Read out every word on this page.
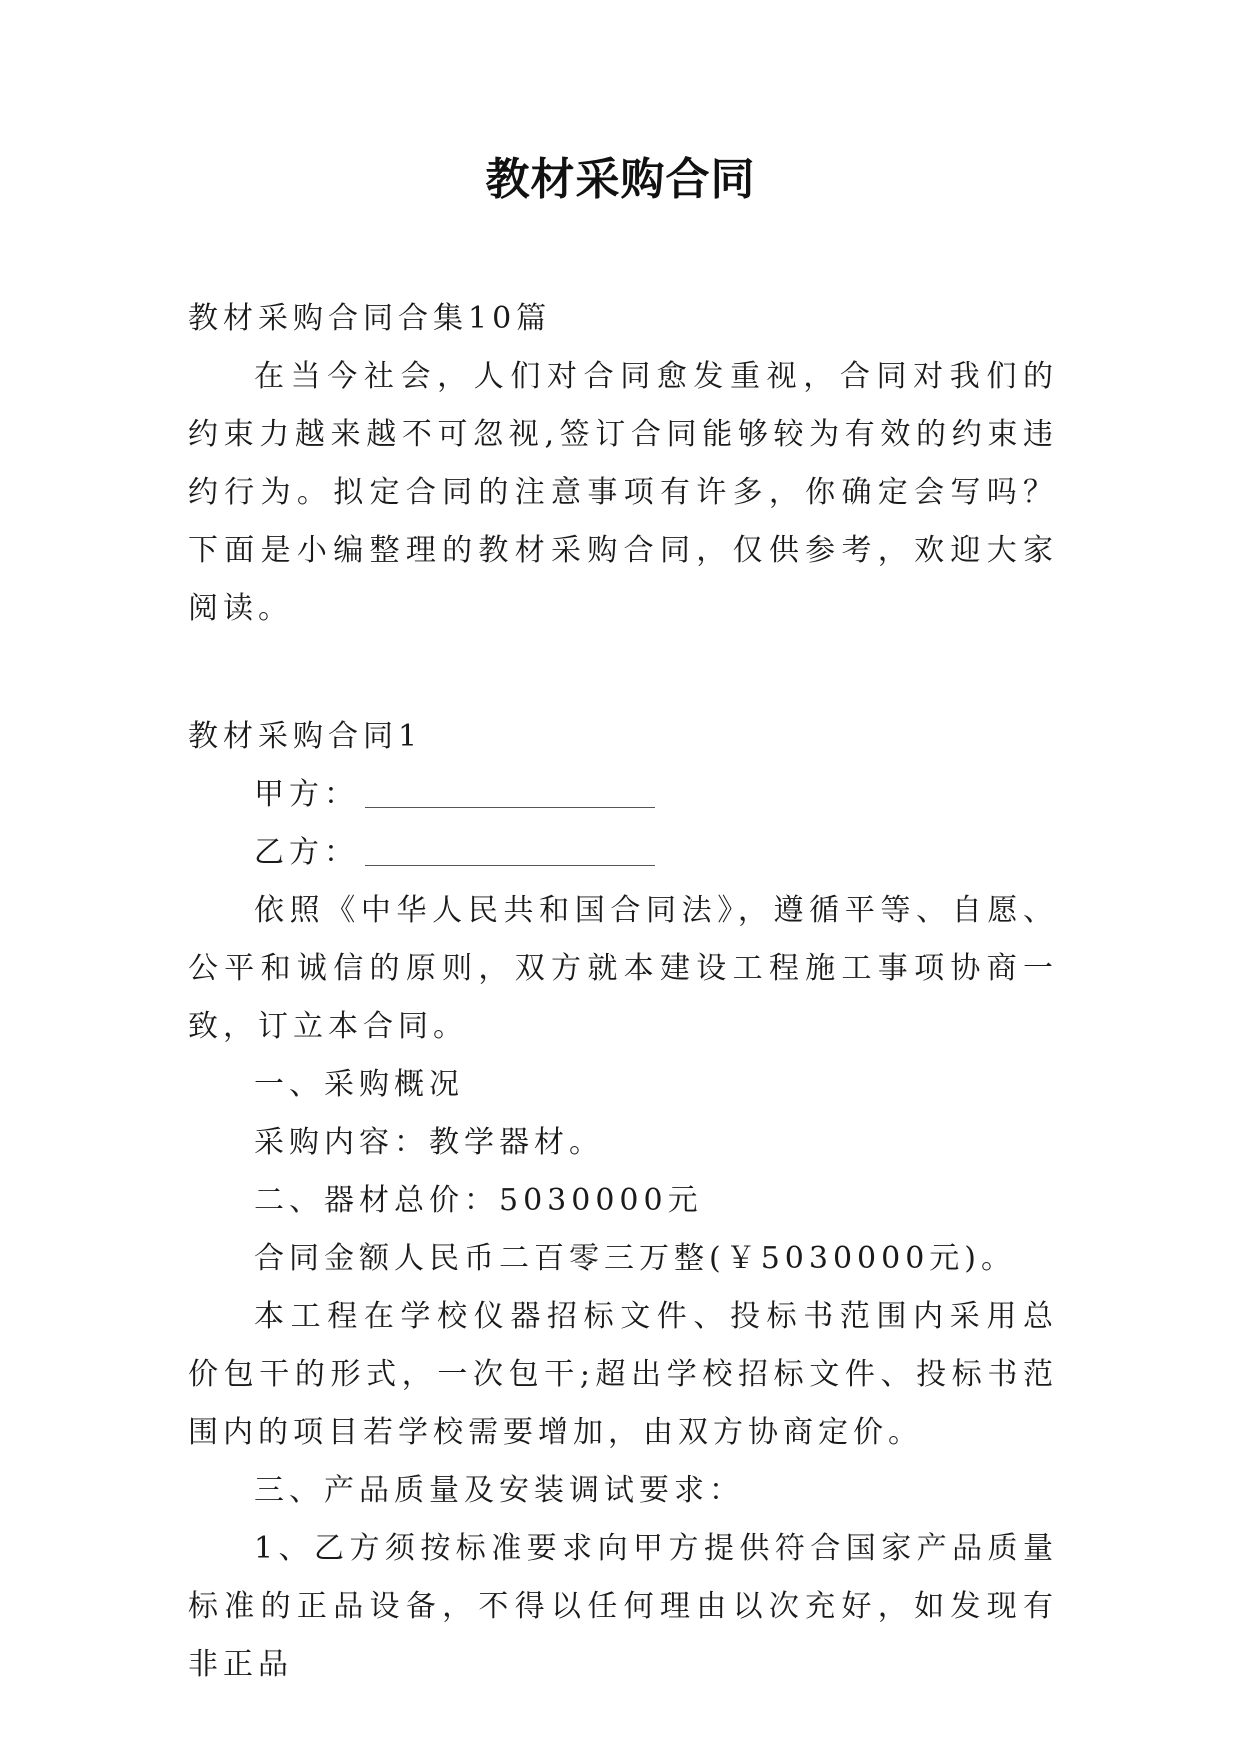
教材采购合同
教材采购合同合集10篇
在当今社会，人们对合同愈发重视，合同对我们的约束力越来越不可忽视,签订合同能够较为有效的约束违约行为。拟定合同的注意事项有许多，你确定会写吗？下面是小编整理的教材采购合同，仅供参考，欢迎大家阅读。
教材采购合同1
甲方：
乙方：
依照《中华人民共和国合同法》，遵循平等、自愿、公平和诚信的原则，双方就本建设工程施工事项协商一致，订立本合同。
一、采购概况
采购内容：教学器材。
二、器材总价：5030000元
合同金额人民币二百零三万整(￥5030000元)。
本工程在学校仪器招标文件、投标书范围内采用总价包干的形式，一次包干;超出学校招标文件、投标书范围内的项目若学校需要增加，由双方协商定价。
三、产品质量及安装调试要求：
1、乙方须按标准要求向甲方提供符合国家产品质量标准的正品设备，不得以任何理由以次充好，如发现有非正品
